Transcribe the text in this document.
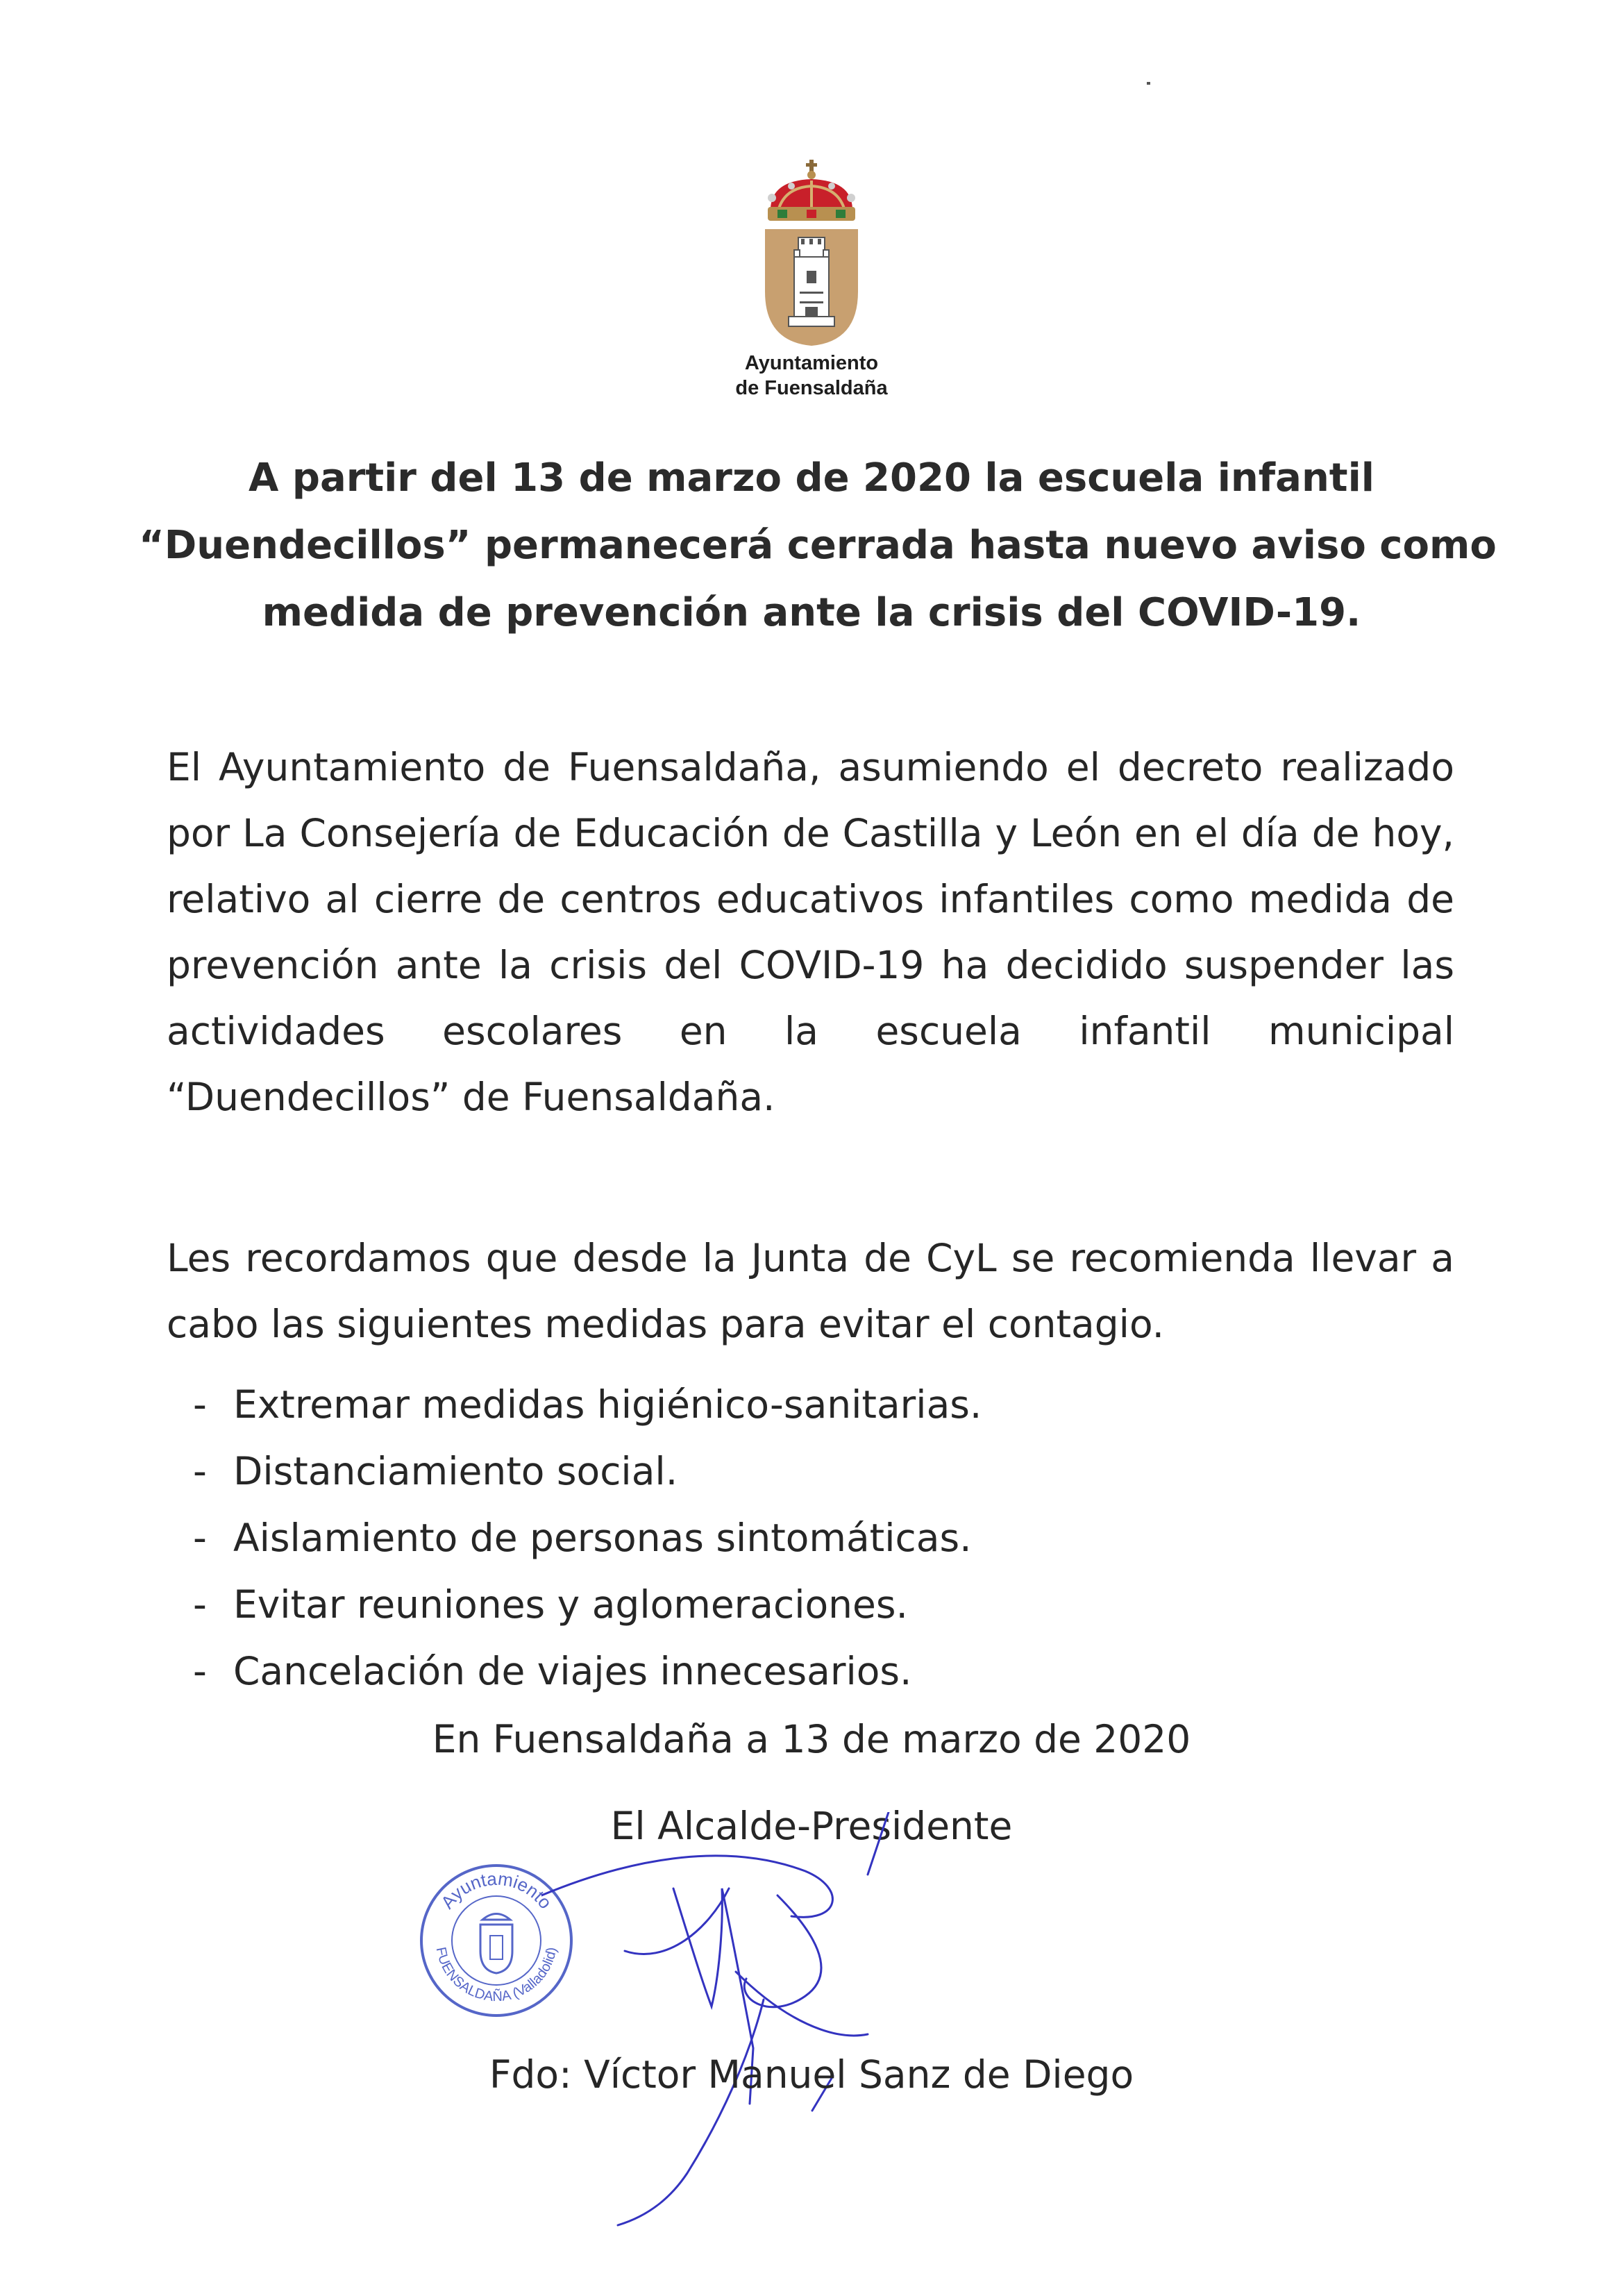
Ayuntamiento
de Fuensaldaña
A partir del 13 de marzo de 2020 la escuela infantil
“Duendecillos” permanecerá cerrada hasta nuevo aviso como
medida de prevención ante la crisis del COVID-19.
El Ayuntamiento de Fuensaldaña, asumiendo el decreto realizado por La Consejería de Educación de Castilla y León en el día de hoy, relativo al cierre de centros educativos infantiles como medida de prevención ante la crisis del COVID-19 ha decidido suspender las actividades escolares en la escuela infantil municipal “Duendecillos” de Fuensaldaña.
Les recordamos que desde la Junta de CyL se recomienda llevar a cabo las siguientes medidas para evitar el contagio.
- Extremar medidas higiénico-sanitarias.
- Distanciamiento social.
- Aislamiento de personas sintomáticas.
- Evitar reuniones y aglomeraciones.
- Cancelación de viajes innecesarios.
En Fuensaldaña a 13 de marzo de 2020
El Alcalde-Presidente
Ayuntamiento
FUENSALDAÑA (Valladolid)
Fdo: Víctor Manuel Sanz de Diego
